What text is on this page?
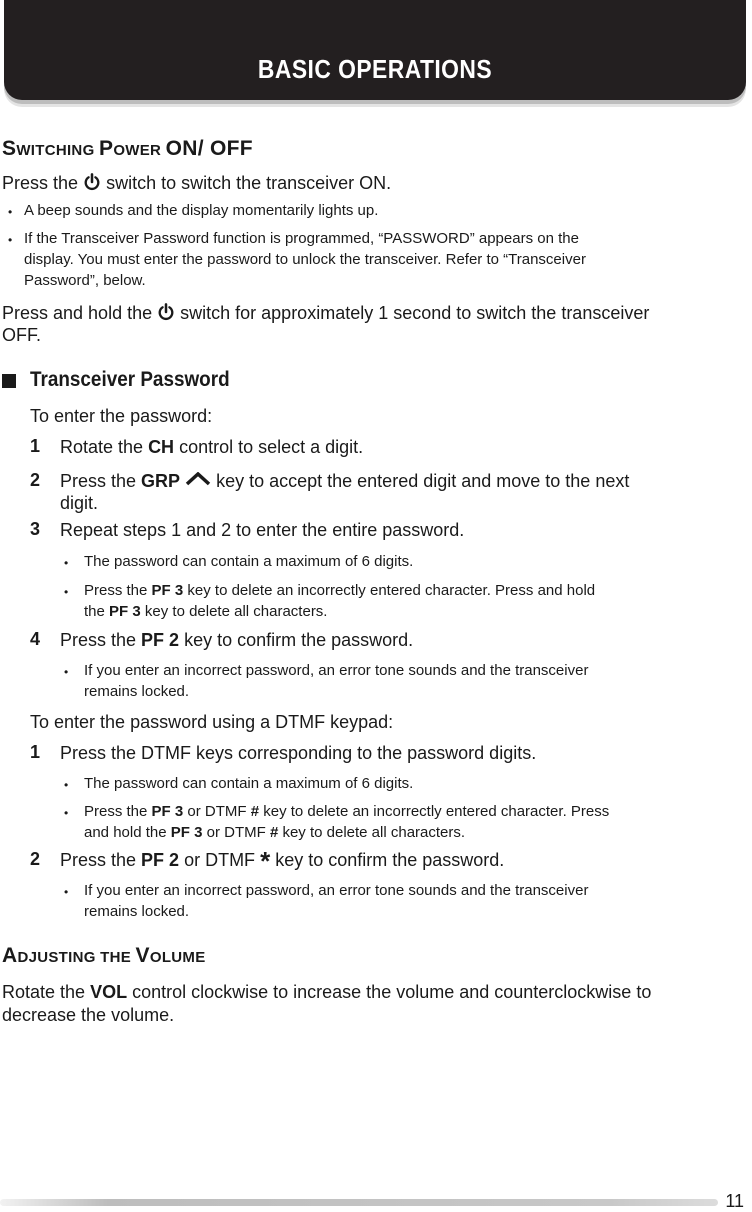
BASIC OPERATIONS
SWITCHING POWER ON/ OFF
Press the switch to switch the transceiver ON.
• A beep sounds and the display momentarily lights up.
• If the Transceiver Password function is programmed, “PASSWORD” appears on the
display. You must enter the password to unlock the transceiver. Refer to “Transceiver
Password”, below.
Press and hold the switch for approximately 1 second to switch the transceiver
OFF.
Transceiver Password
To enter the password:
1 Rotate the CH control to select a digit.
2 Press the GRP  key to accept the entered digit and move to the next
digit.
3 Repeat steps 1 and 2 to enter the entire password.
• The password can contain a maximum of 6 digits.
• Press the PF 3 key to delete an incorrectly entered character. Press and hold
the PF 3 key to delete all characters.
4 Press the PF 2 key to confirm the password.
• If you enter an incorrect password, an error tone sounds and the transceiver
remains locked.
To enter the password using a DTMF keypad:
1 Press the DTMF keys corresponding to the password digits.
• The password can contain a maximum of 6 digits.
• Press the PF 3 or DTMF # key to delete an incorrectly entered character. Press
and hold the PF 3 or DTMF # key to delete all characters.
2 Press the PF 2 or DTMF * key to confirm the password.
• If you enter an incorrect password, an error tone sounds and the transceiver
remains locked.
ADJUSTING THE VOLUME
Rotate the VOL control clockwise to increase the volume and counterclockwise to
decrease the volume.
11
